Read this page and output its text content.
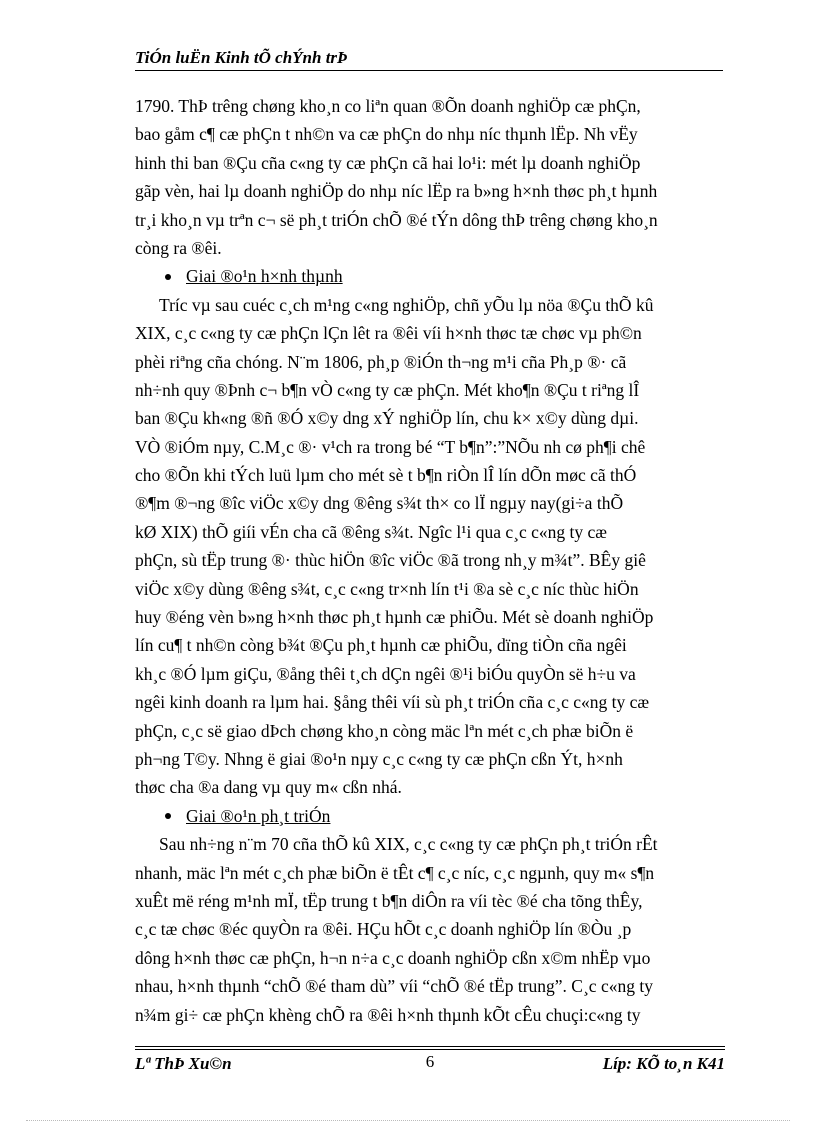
TiÓn luËn Kinh tÕ chÝnh trÞ
1790. ThÞ trêng chøng kho¸n co liªn quan ®Õn doanh nghiÖp cæ phÇn,
bao gåm c¶ cæ phÇn t nh©n va cæ phÇn do nhµ níc thµnh lËp. Nh vËy
hinh thi ban ®Çu cña c«ng ty cæ phÇn cã hai lo¹i: mét lµ doanh nghiÖp
gãp vèn, hai lµ doanh nghiÖp do nhµ níc lËp ra b»ng h×nh thøc ph¸t hµnh
tr¸i kho¸n vµ trªn c¬ së ph¸t triÓn chÕ ®é tÝn dông thÞ trêng chøng kho¸n
còng ra ®êi.
Giai ®o¹n h×nh thµnh
Tríc vµ sau cuéc c¸ch m¹ng c«ng nghiÖp, chñ yÕu lµ nöa ®Çu thÕ kû
XIX, c¸c c«ng ty cæ phÇn lÇn lêt ra ®êi víi h×nh thøc tæ chøc vµ ph©n
phèi riªng cña chóng. N¨m 1806, ph¸p ®iÓn th¬ng m¹i cña Ph¸p ®· cã
nh÷nh quy ®Þnh c¬ b¶n vÒ c«ng ty cæ phÇn. Mét kho¶n ®Çu t riªng lÎ
ban ®Çu kh«ng ®ñ ®Ó x©y dng xÝ nghiÖp lín, chu k× x©y dùng dµi.
VÒ ®iÓm nµy, C.M¸c ®· v¹ch ra trong bé “T b¶n”:”NÕu nh cø ph¶i chê
cho ®Õn khi tÝch luü lµm cho mét sè t b¶n riÒn lÎ lín dÕn møc cã thÓ
®¶m ®¬ng ®îc viÖc x©y dng ®êng s¾t th× co lÏ ngµy nay(gi÷a thÕ
kØ XIX) thÕ giíi vÉn cha cã ®êng s¾t. Ngîc l¹i qua c¸c c«ng ty cæ
phÇn, sù tËp trung ®· thùc hiÖn ®îc viÖc ®ã trong nh¸y m¾t”. BÊy giê
viÖc x©y dùng ®êng s¾t, c¸c c«ng tr×nh lín t¹i ®a sè c¸c níc thùc hiÖn
huy ®éng vèn b»ng h×nh thøc ph¸t hµnh cæ phiÕu. Mét sè doanh nghiÖp
lín cu¶ t nh©n còng b¾t ®Çu ph¸t hµnh cæ phiÕu, dïng tiÒn cña ngêi
kh¸c ®Ó lµm giÇu, ®ång thêi t¸ch dÇn ngêi ®¹i biÓu quyÒn së h÷u va
ngêi kinh doanh ra lµm hai. §ång thêi víi sù ph¸t triÓn cña c¸c c«ng ty cæ
phÇn, c¸c së giao dÞch chøng kho¸n còng mäc lªn mét c¸ch phæ biÕn ë
ph¬ng T©y. Nhng ë giai ®o¹n nµy c¸c c«ng ty cæ phÇn cßn Ýt, h×nh
thøc cha ®a dang vµ quy m« cßn nhá.
Giai ®o¹n ph¸t triÓn
Sau nh÷ng n¨m 70 cña thÕ kû XIX, c¸c c«ng ty cæ phÇn ph¸t triÓn rÊt
nhanh, mäc lªn mét c¸ch phæ biÕn ë tÊt c¶ c¸c níc, c¸c ngµnh, quy m« s¶n
xuÊt më réng m¹nh mÏ, tËp trung t b¶n diÔn ra víi tèc ®é cha tõng thÊy,
c¸c tæ chøc ®éc quyÒn ra ®êi. HÇu hÕt c¸c doanh nghiÖp lín ®Òu ¸p
dông h×nh thøc cæ phÇn, h¬n n÷a c¸c doanh nghiÖp cßn x©m nhËp vµo
nhau, h×nh thµnh “chÕ ®é tham dù” víi “chÕ ®é tËp trung”. C¸c c«ng ty
n¾m gi÷ cæ phÇn khèng chÕ ra ®êi h×nh thµnh kÕt cÊu chuçi:c«ng ty
Lª ThÞ Xu©n	6	Líp: KÕ to¸n K41
